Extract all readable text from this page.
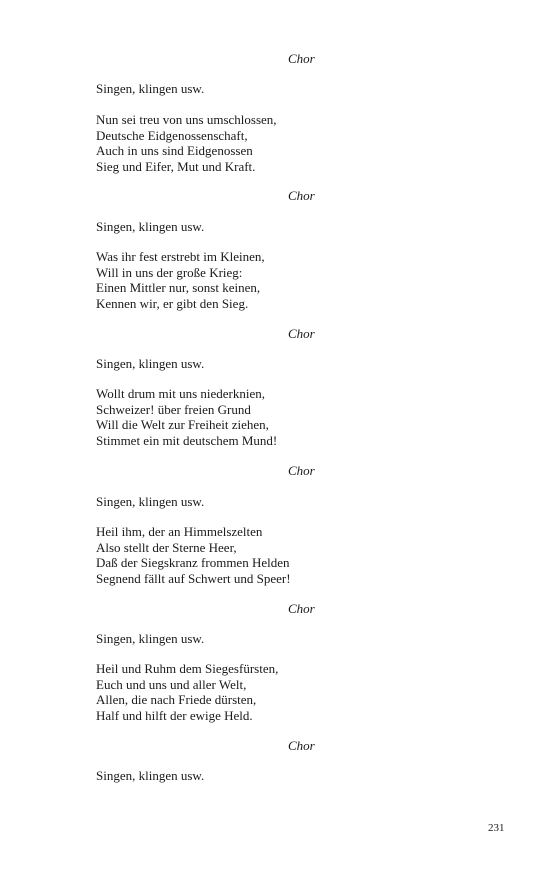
Chor
Singen, klingen usw.
Nun sei treu von uns umschlossen,
Deutsche Eidgenossenschaft,
Auch in uns sind Eidgenossen
Sieg und Eifer, Mut und Kraft.
Chor
Singen, klingen usw.
Was ihr fest erstrebt im Kleinen,
Will in uns der große Krieg:
Einen Mittler nur, sonst keinen,
Kennen wir, er gibt den Sieg.
Chor
Singen, klingen usw.
Wollt drum mit uns niederknien,
Schweizer! über freien Grund
Will die Welt zur Freiheit ziehen,
Stimmet ein mit deutschem Mund!
Chor
Singen, klingen usw.
Heil ihm, der an Himmelszelten
Also stellt der Sterne Heer,
Daß der Siegskranz frommen Helden
Segnend fällt auf Schwert und Speer!
Chor
Singen, klingen usw.
Heil und Ruhm dem Siegesfürsten,
Euch und uns und aller Welt,
Allen, die nach Friede dürsten,
Half und hilft der ewige Held.
Chor
Singen, klingen usw.
231
